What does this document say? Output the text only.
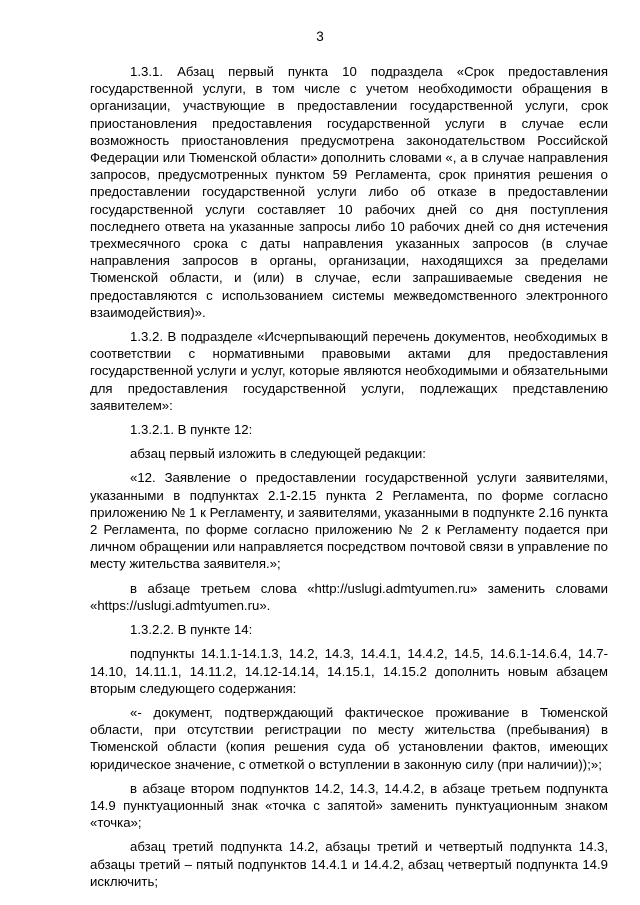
3

1.3.1. Абзац первый пункта 10 подраздела «Срок предоставления государственной услуги, в том числе с учетом необходимости обращения в организации, участвующие в предоставлении государственной услуги, срок приостановления предоставления государственной услуги в случае если возможность приостановления предусмотрена законодательством Российской Федерации или Тюменской области» дополнить словами «, а в случае направления запросов, предусмотренных пунктом 59 Регламента, срок принятия решения о предоставлении государственной услуги либо об отказе в предоставлении государственной услуги составляет 10 рабочих дней со дня поступления последнего ответа на указанные запросы либо 10 рабочих дней со дня истечения трехмесячного срока с даты направления указанных запросов (в случае направления запросов в органы, организации, находящихся за пределами Тюменской области, и (или) в случае, если запрашиваемые сведения не предоставляются с использованием системы межведомственного электронного взаимодействия)».

1.3.2. В подразделе «Исчерпывающий перечень документов, необходимых в соответствии с нормативными правовыми актами для предоставления государственной услуги и услуг, которые являются необходимыми и обязательными для предоставления государственной услуги, подлежащих представлению заявителем»:

1.3.2.1. В пункте 12:

абзац первый изложить в следующей редакции:

«12. Заявление о предоставлении государственной услуги заявителями, указанными в подпунктах 2.1-2.15 пункта 2 Регламента, по форме согласно приложению № 1 к Регламенту, и заявителями, указанными в подпункте 2.16 пункта 2 Регламента, по форме согласно приложению № 2 к Регламенту подается при личном обращении или направляется посредством почтовой связи в управление по месту жительства заявителя.»;

в абзаце третьем слова «http://uslugi.admtyumen.ru» заменить словами «https://uslugi.admtyumen.ru».

1.3.2.2. В пункте 14:

подпункты 14.1.1-14.1.3, 14.2, 14.3, 14.4.1, 14.4.2, 14.5, 14.6.1-14.6.4, 14.7-14.10, 14.11.1, 14.11.2, 14.12-14.14, 14.15.1, 14.15.2 дополнить новым абзацем вторым следующего содержания:

«- документ, подтверждающий фактическое проживание в Тюменской области, при отсутствии регистрации по месту жительства (пребывания) в Тюменской области (копия решения суда об установлении фактов, имеющих юридическое значение, с отметкой о вступлении в законную силу (при наличии));»;

в абзаце втором подпунктов 14.2, 14.3, 14.4.2, в абзаце третьем подпункта 14.9 пунктуационный знак «точка с запятой» заменить пунктуационным знаком «точка»;

абзац третий подпункта 14.2, абзацы третий и четвертый подпункта 14.3, абзацы третий – пятый подпунктов 14.4.1 и 14.4.2, абзац четвертый подпункта 14.9 исключить;
